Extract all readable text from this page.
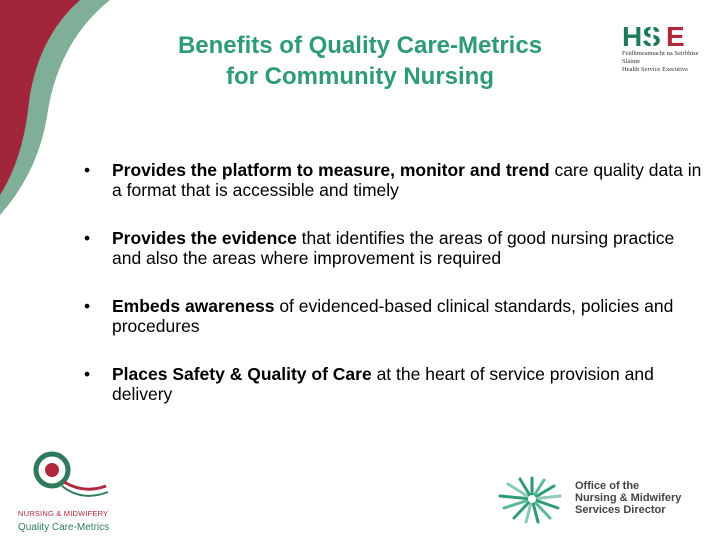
Benefits of Quality Care-Metrics
for Community Nursing
HS E
Feidhmeannacht na Seirbhíse Sláinte
Health Service Executive
• Provides the platform to measure, monitor and trend care quality data in a format that is accessible and timely
• Provides the evidence that identifies the areas of good nursing practice and also the areas where improvement is required
• Embeds awareness of evidenced-based clinical standards, policies and procedures
• Places Safety & Quality of Care at the heart of service provision and delivery
NURSING & MIDWIFERY
Quality Care-Metrics
Office of the
Nursing & Midwifery
Services Director
